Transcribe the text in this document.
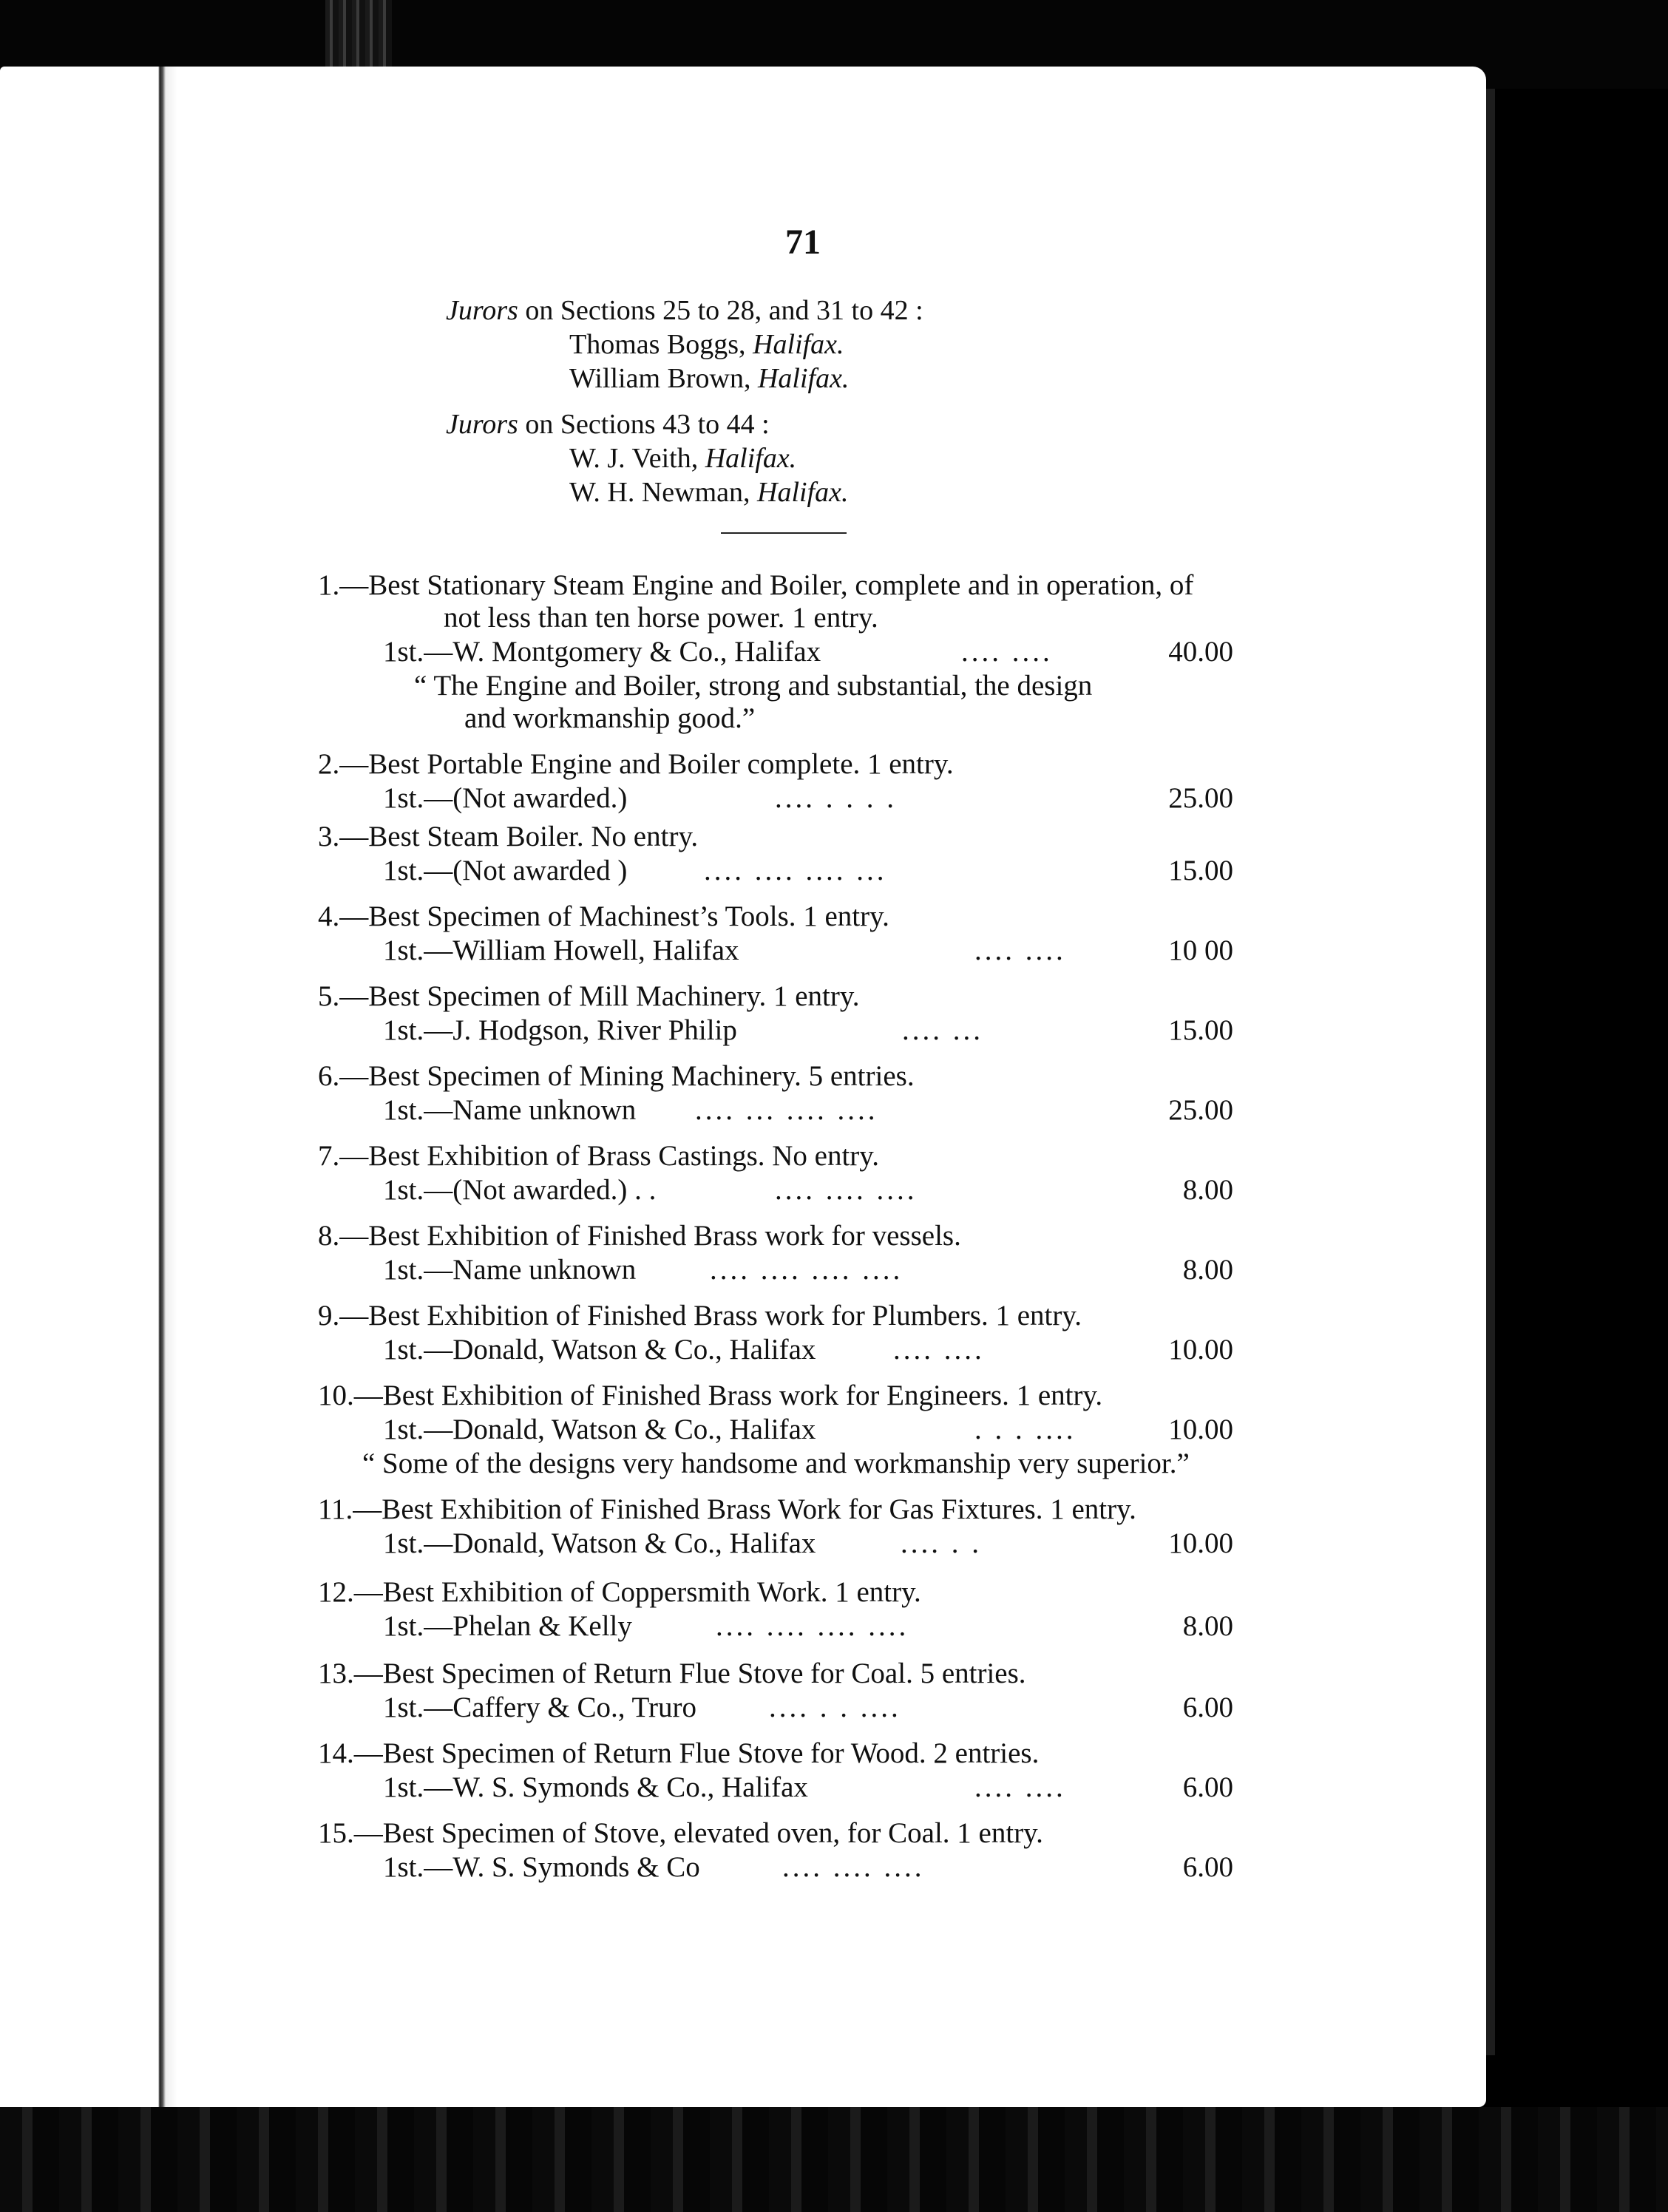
71
Jurors on Sections 25 to 28, and 31 to 42 :
Thomas Boggs, Halifax.
William Brown, Halifax.
Jurors on Sections 43 to 44 :
W. J. Veith, Halifax.
W. H. Newman, Halifax.
1.—Best Stationary Steam Engine and Boiler, complete and in operation, of
not less than ten horse power. 1 entry.
1st.—W. Montgomery & Co., Halifax	.... ....	40.00
“ The Engine and Boiler, strong and substantial, the design
and workmanship good.”
2.—Best Portable Engine and Boiler complete. 1 entry.
1st.—(Not awarded.)	.... . . . .	25.00
3.—Best Steam Boiler. No entry.
1st.—(Not awarded )	.... .... .... ...	15.00
4.—Best Specimen of Machinest’s Tools. 1 entry.
1st.—William Howell, Halifax	.... ....	10 00
5.—Best Specimen of Mill Machinery. 1 entry.
1st.—J. Hodgson, River Philip	.... ...	15.00
6.—Best Specimen of Mining Machinery. 5 entries.
1st.—Name unknown .... ... .... ....	25.00
7.—Best Exhibition of Brass Castings. No entry.
1st.—(Not awarded.) . .	.... .... ....	8.00
8.—Best Exhibition of Finished Brass work for vessels.
1st.—Name unknown	.... .... .... ....	8.00
9.—Best Exhibition of Finished Brass work for Plumbers. 1 entry.
1st.—Donald, Watson & Co., Halifax	.... ....	10.00
10.—Best Exhibition of Finished Brass work for Engineers. 1 entry.
1st.—Donald, Watson & Co., Halifax	. . . ....	10.00
“ Some of the designs very handsome and workmanship very superior.”
11.—Best Exhibition of Finished Brass Work for Gas Fixtures. 1 entry.
1st.—Donald, Watson & Co., Halifax	.... . .	10.00
12.—Best Exhibition of Coppersmith Work. 1 entry.
1st.—Phelan & Kelly	.... .... .... ....	8.00
13.—Best Specimen of Return Flue Stove for Coal. 5 entries.
1st.—Caffery & Co., Truro	.... . . ....	6.00
14.—Best Specimen of Return Flue Stove for Wood. 2 entries.
1st.—W. S. Symonds & Co., Halifax	.... ....	6.00
15.—Best Specimen of Stove, elevated oven, for Coal. 1 entry.
1st.—W. S. Symonds & Co	.... .... ....	6.00
